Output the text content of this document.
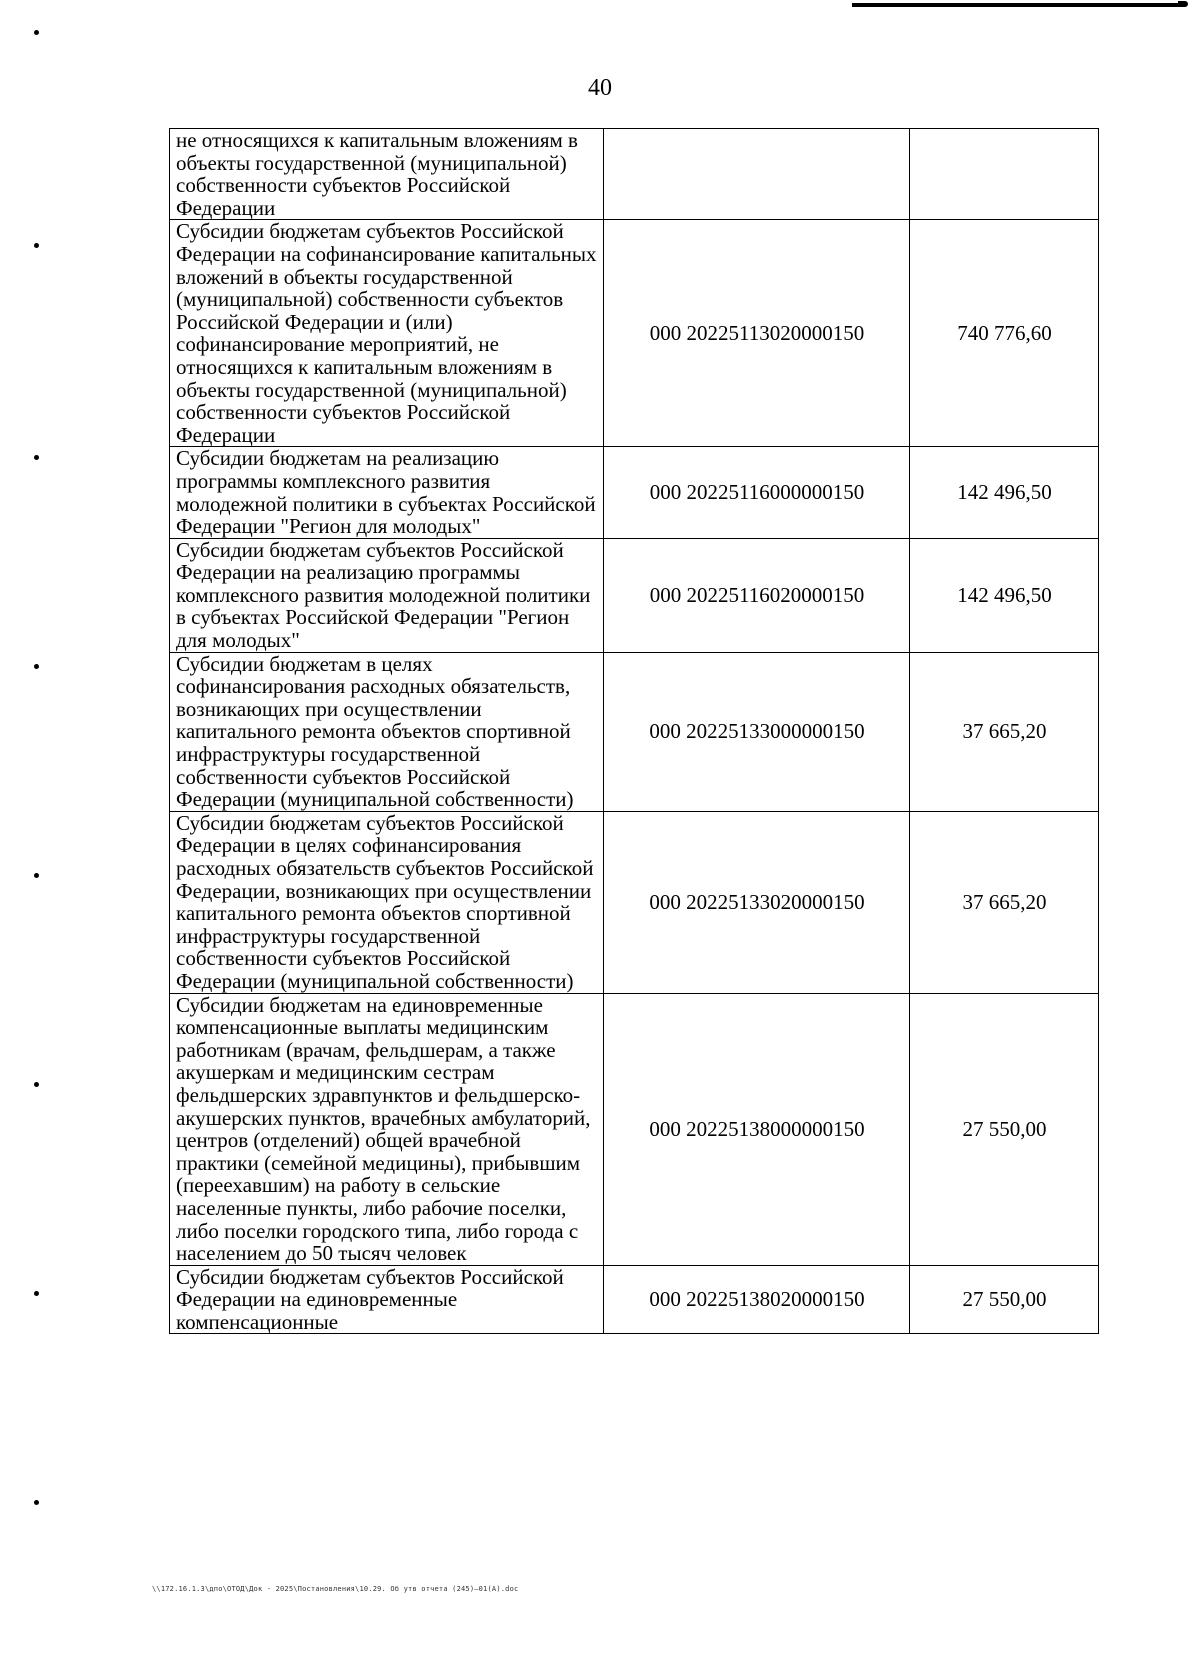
40
не относящихся к капитальным вложениям в объекты государственной (муниципальной) собственности субъектов Российской Федерации		
Субсидии бюджетам субъектов Российской Федерации на софинансирование капитальных вложений в объекты государственной (муниципальной) собственности субъектов Российской Федерации и (или) софинансирование мероприятий, не относящихся к капитальным вложениям в объекты государственной (муниципальной) собственности субъектов Российской Федерации	000 20225113020000150	740 776,60
Субсидии бюджетам на реализацию программы комплексного развития молодежной политики в субъектах Российской Федерации "Регион для молодых"	000 20225116000000150	142 496,50
Субсидии бюджетам субъектов Российской Федерации на реализацию программы комплексного развития молодежной политики в субъектах Российской Федерации "Регион для молодых"	000 20225116020000150	142 496,50
Субсидии бюджетам в целях софинансирования расходных обязательств, возникающих при осуществлении капитального ремонта объектов спортивной инфраструктуры государственной собственности субъектов Российской Федерации (муниципальной собственности)	000 20225133000000150	37 665,20
Субсидии бюджетам субъектов Российской Федерации в целях софинансирования расходных обязательств субъектов Российской Федерации, возникающих при осуществлении капитального ремонта объектов спортивной инфраструктуры государственной собственности субъектов Российской Федерации (муниципальной собственности)	000 20225133020000150	37 665,20
Субсидии бюджетам на единовременные компенсационные выплаты медицинским работникам (врачам, фельдшерам, а также акушеркам и медицинским сестрам фельдшерских здравпунктов и фельдшерско-акушерских пунктов, врачебных амбулаторий, центров (отделений) общей врачебной практики (семейной медицины), прибывшим (переехавшим) на работу в сельские населенные пункты, либо рабочие поселки, либо поселки городского типа, либо города с населением до 50 тысяч человек	000 20225138000000150	27 550,00
Субсидии бюджетам субъектов Российской Федерации на единовременные компенсационные	000 20225138020000150	27 550,00
\\172.16.1.3\дпо\ОТОД\Док - 2025\Постановления\10.29. Об утв отчета (245)—01(А).doc
